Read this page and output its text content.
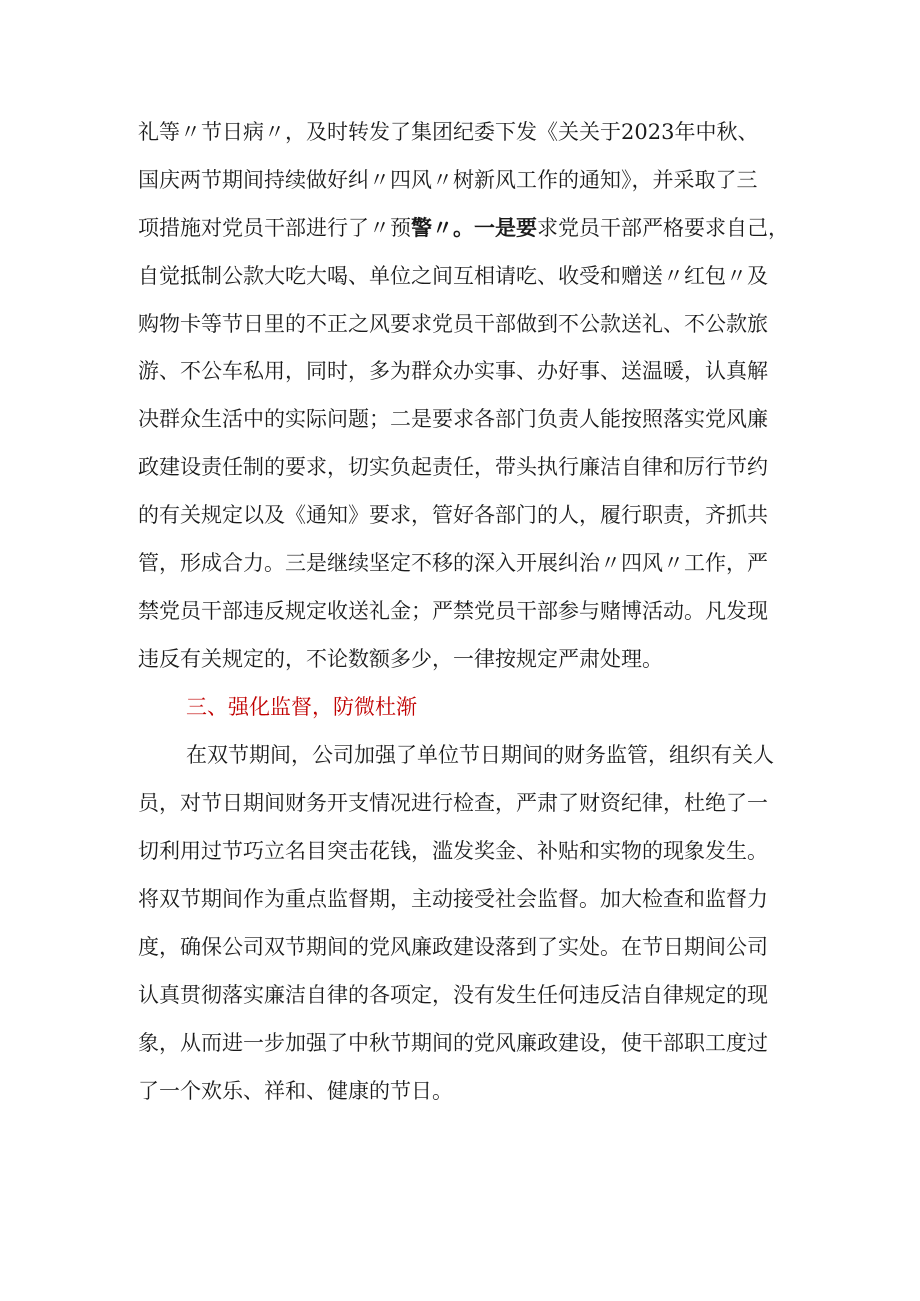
礼等〃节日病〃，及时转发了集团纪委下发《关关于2023年中秋、
国庆两节期间持续做好纠〃四风〃树新风工作的通知》，并采取了三
项措施对党员干部进行了〃预警〃。一是要求党员干部严格要求自己，
自觉抵制公款大吃大喝、单位之间互相请吃、收受和赠送〃红包〃及
购物卡等节日里的不正之风要求党员干部做到不公款送礼、不公款旅
游、不公车私用，同时，多为群众办实事、办好事、送温暖，认真解
决群众生活中的实际问题；二是要求各部门负责人能按照落实党风廉
政建设责任制的要求，切实负起责任，带头执行廉洁自律和厉行节约
的有关规定以及《通知》要求，管好各部门的人，履行职责，齐抓共
管，形成合力。三是继续坚定不移的深入开展纠治〃四风〃工作，严
禁党员干部违反规定收送礼金；严禁党员干部参与赌博活动。凡发现
违反有关规定的，不论数额多少，一律按规定严肃处理。
三、强化监督，防微杜渐
在双节期间，公司加强了单位节日期间的财务监管，组织有关人
员，对节日期间财务开支情况进行检查，严肃了财资纪律，杜绝了一
切利用过节巧立名目突击花钱，滥发奖金、补贴和实物的现象发生。
将双节期间作为重点监督期，主动接受社会监督。加大检查和监督力
度，确保公司双节期间的党风廉政建设落到了实处。在节日期间公司
认真贯彻落实廉洁自律的各项定，没有发生任何违反洁自律规定的现
象，从而进一步加强了中秋节期间的党风廉政建设，使干部职工度过
了一个欢乐、祥和、健康的节日。
